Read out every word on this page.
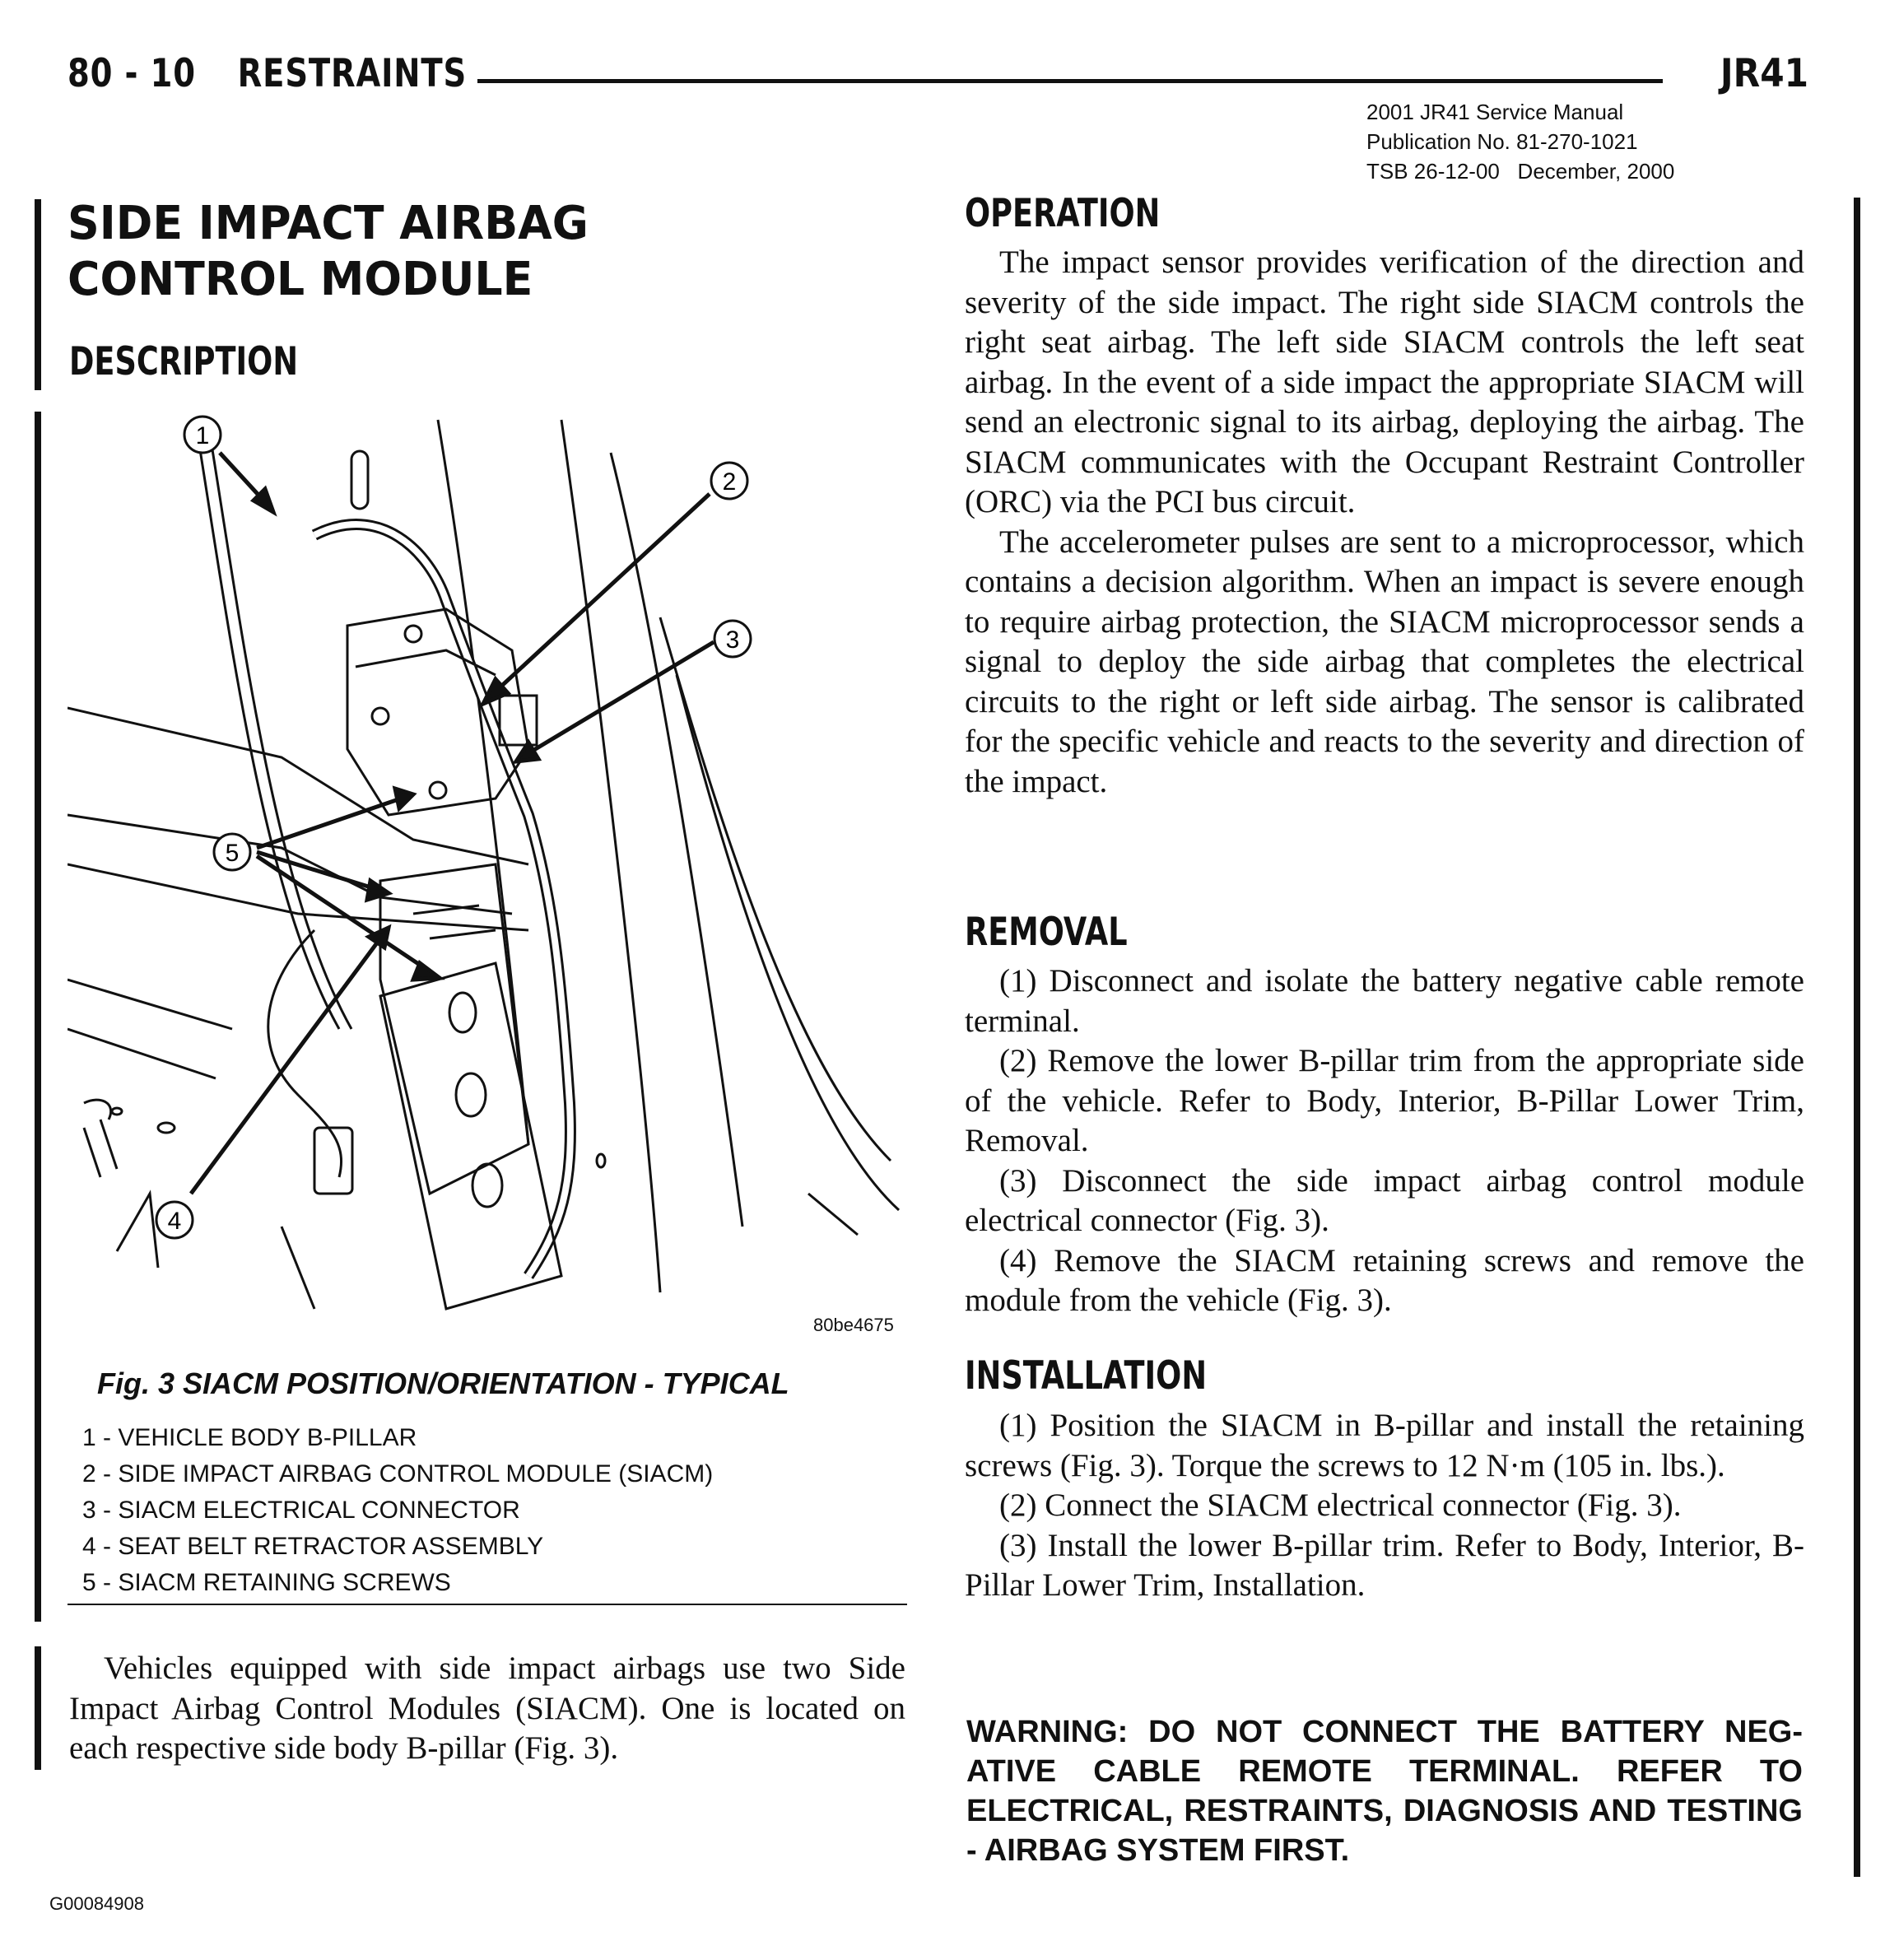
80 - 10 RESTRAINTS	JR41
2001 JR41 Service Manual
Publication No. 81-270-1021
TSB 26-12-00   December, 2000
SIDE IMPACT AIRBAG
CONTROL MODULE
DESCRIPTION
1
2
3
4
5
80be4675
Fig. 3 SIACM POSITION/ORIENTATION - TYPICAL
1 - VEHICLE BODY B-PILLAR
2 - SIDE IMPACT AIRBAG CONTROL MODULE (SIACM)
3 - SIACM ELECTRICAL CONNECTOR
4 - SEAT BELT RETRACTOR ASSEMBLY
5 - SIACM RETAINING SCREWS

Vehicles equipped with side impact airbags use two Side Impact Airbag Control Modules (SIACM). One is located on each respective side body B-pillar (Fig. 3).

OPERATION

The impact sensor provides verification of the direction and severity of the side impact. The right side SIACM controls the right seat airbag. The left side SIACM controls the left seat airbag. In the event of a side impact the appropriate SIACM will send an electronic signal to its airbag, deploying the airbag. The SIACM communicates with the Occupant Restraint Controller (ORC) via the PCI bus circuit.

The accelerometer pulses are sent to a microprocessor, which contains a decision algorithm. When an impact is severe enough to require airbag protection, the SIACM microprocessor sends a signal to deploy the side airbag that completes the electrical circuits to the right or left side airbag. The sensor is calibrated for the specific vehicle and reacts to the severity and direction of the impact.

REMOVAL

(1) Disconnect and isolate the battery negative cable remote terminal.

(2) Remove the lower B-pillar trim from the appropriate side of the vehicle. Refer to Body, Interior, B-Pillar Lower Trim, Removal.

(3) Disconnect the side impact airbag control module electrical connector (Fig. 3).

(4) Remove the SIACM retaining screws and remove the module from the vehicle (Fig. 3).

INSTALLATION

(1) Position the SIACM in B-pillar and install the retaining screws (Fig. 3). Torque the screws to 12 N·m (105 in. lbs.).

(2) Connect the SIACM electrical connector (Fig. 3).

(3) Install the lower B-pillar trim. Refer to Body, Interior, B-Pillar Lower Trim, Installation.

WARNING: DO NOT CONNECT THE BATTERY NEGATIVE CABLE REMOTE TERMINAL. REFER TO ELECTRICAL, RESTRAINTS, DIAGNOSIS AND TESTING - AIRBAG SYSTEM FIRST.
G00084908
